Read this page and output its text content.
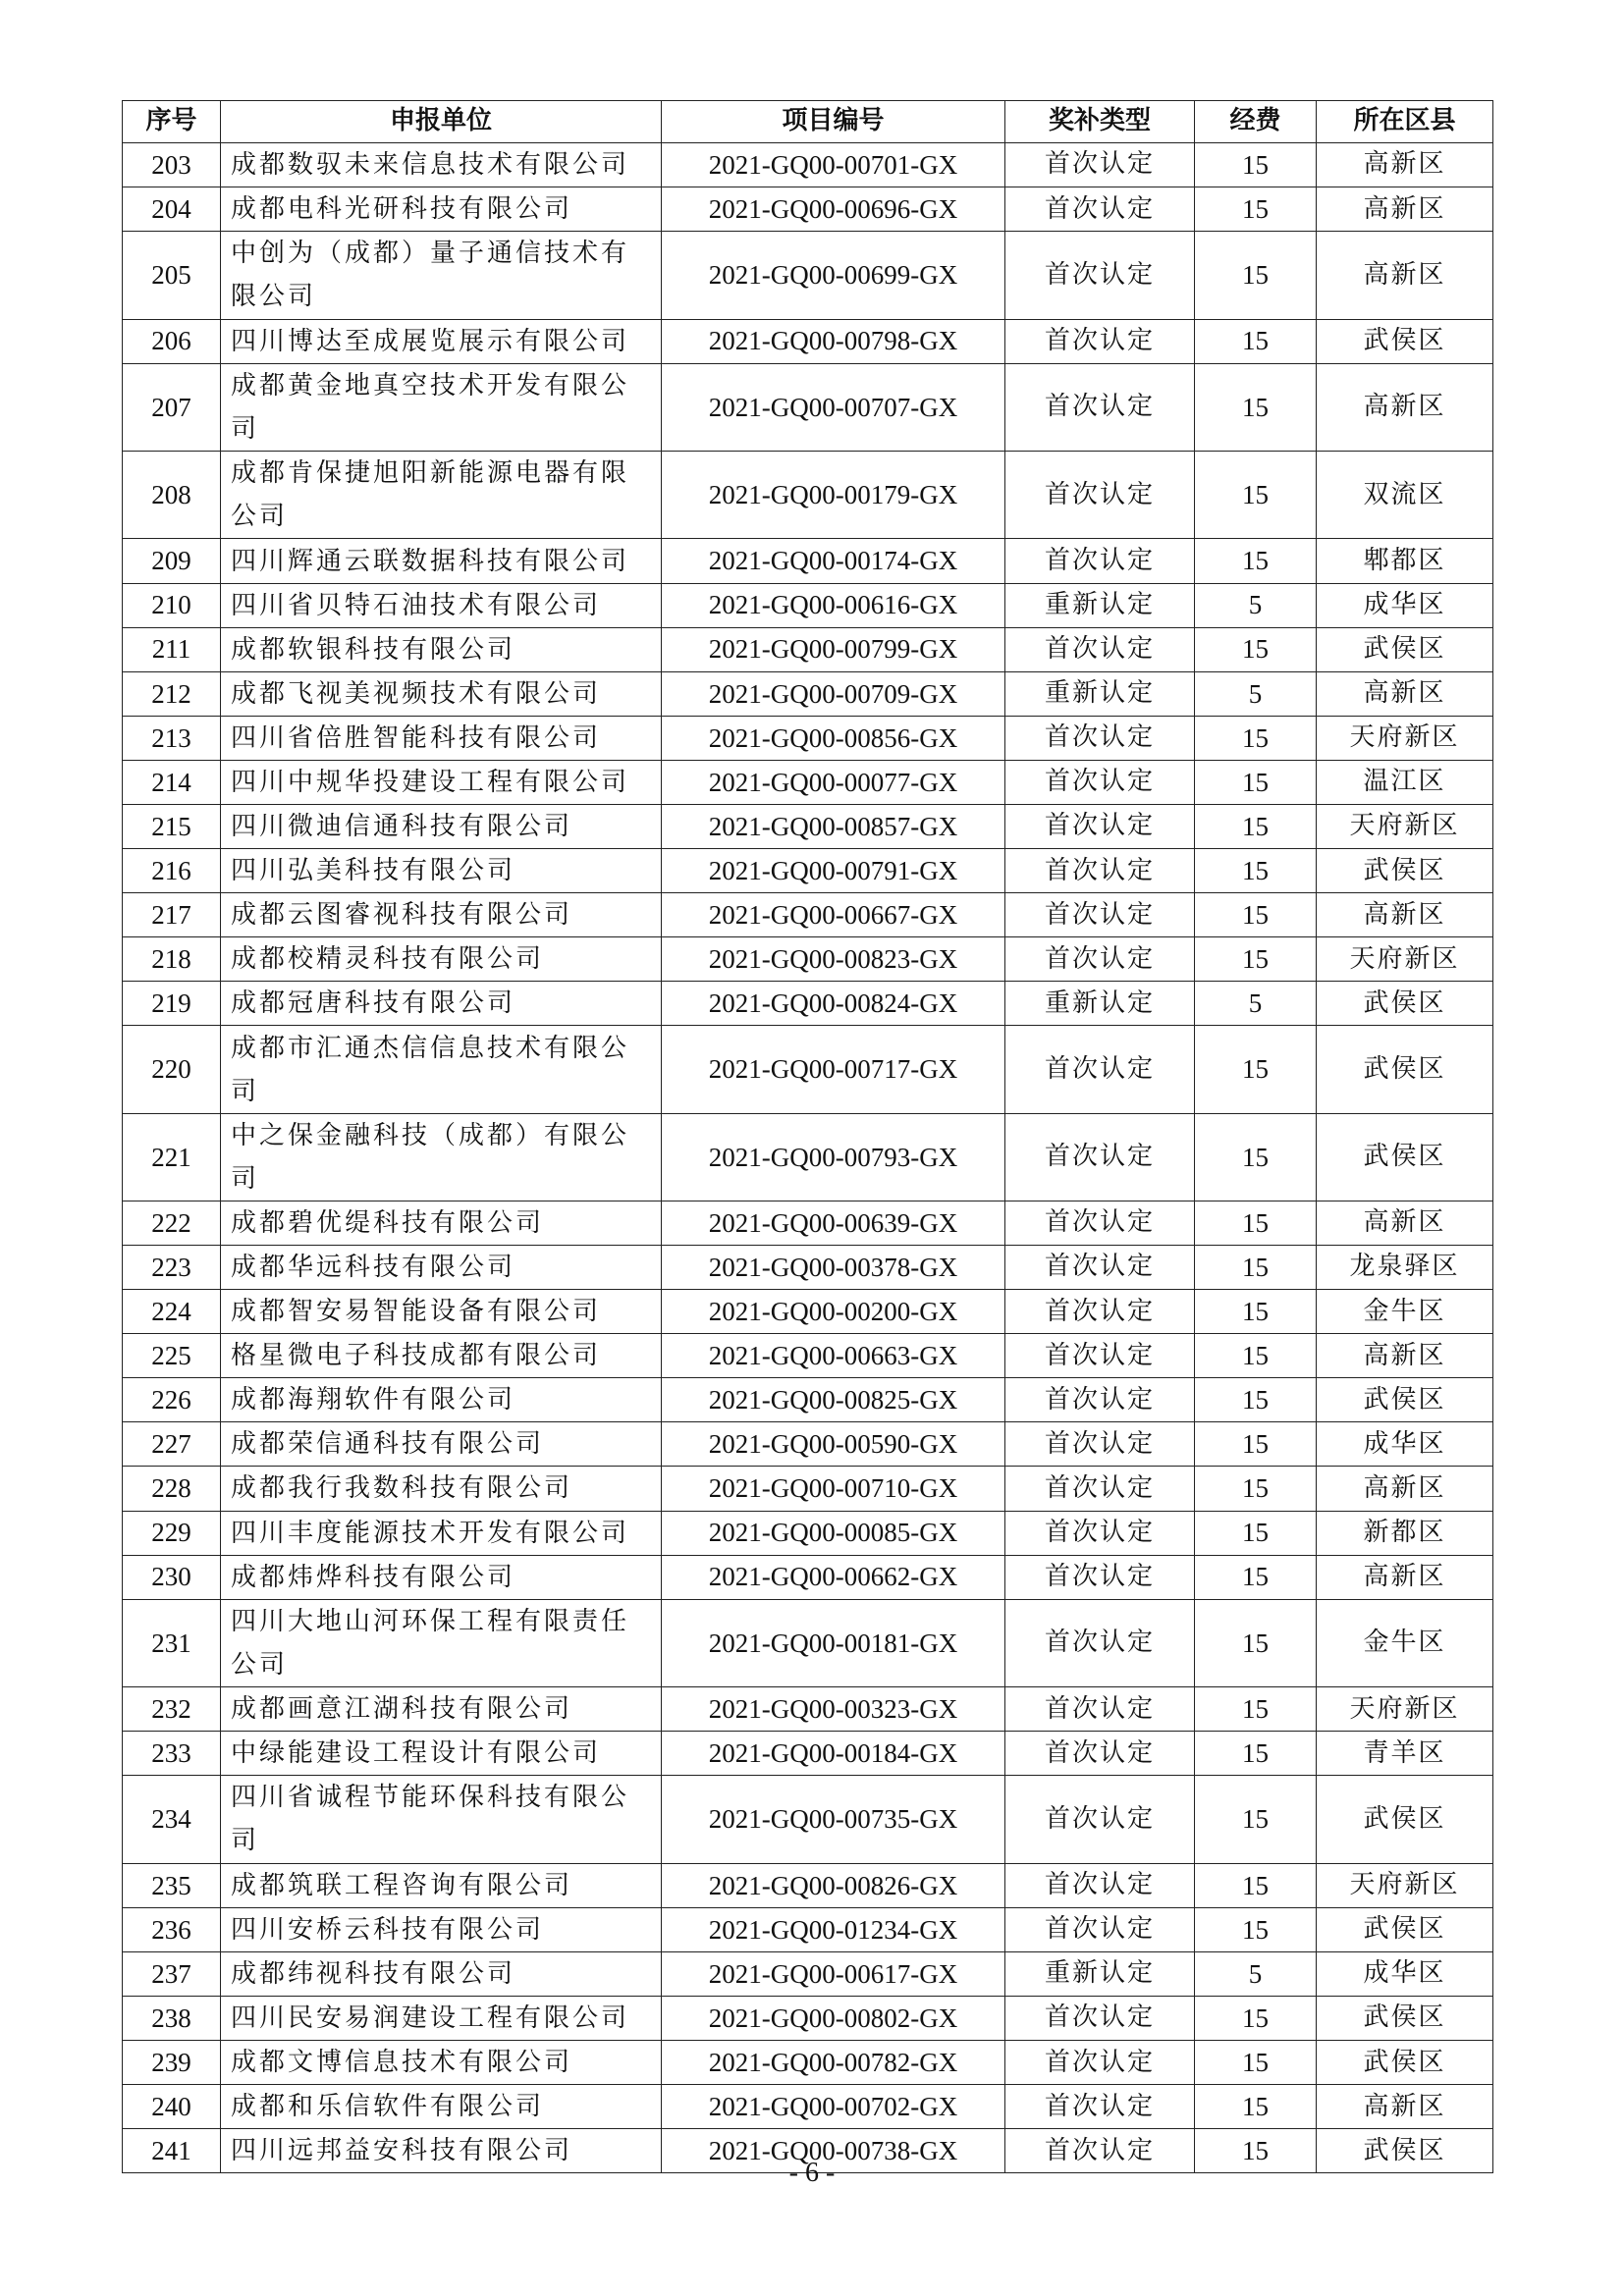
序号	申报单位	项目编号	奖补类型	经费	所在区县
203	成都数驭未来信息技术有限公司	2021-GQ00-00701-GX	首次认定	15	高新区
204	成都电科光研科技有限公司	2021-GQ00-00696-GX	首次认定	15	高新区
205	中创为（成都）量子通信技术有限公司	2021-GQ00-00699-GX	首次认定	15	高新区
206	四川博达至成展览展示有限公司	2021-GQ00-00798-GX	首次认定	15	武侯区
207	成都黄金地真空技术开发有限公司	2021-GQ00-00707-GX	首次认定	15	高新区
208	成都肯保捷旭阳新能源电器有限公司	2021-GQ00-00179-GX	首次认定	15	双流区
209	四川辉通云联数据科技有限公司	2021-GQ00-00174-GX	首次认定	15	郫都区
210	四川省贝特石油技术有限公司	2021-GQ00-00616-GX	重新认定	5	成华区
211	成都软银科技有限公司	2021-GQ00-00799-GX	首次认定	15	武侯区
212	成都飞视美视频技术有限公司	2021-GQ00-00709-GX	重新认定	5	高新区
213	四川省倍胜智能科技有限公司	2021-GQ00-00856-GX	首次认定	15	天府新区
214	四川中规华投建设工程有限公司	2021-GQ00-00077-GX	首次认定	15	温江区
215	四川微迪信通科技有限公司	2021-GQ00-00857-GX	首次认定	15	天府新区
216	四川弘美科技有限公司	2021-GQ00-00791-GX	首次认定	15	武侯区
217	成都云图睿视科技有限公司	2021-GQ00-00667-GX	首次认定	15	高新区
218	成都校精灵科技有限公司	2021-GQ00-00823-GX	首次认定	15	天府新区
219	成都冠唐科技有限公司	2021-GQ00-00824-GX	重新认定	5	武侯区
220	成都市汇通杰信信息技术有限公司	2021-GQ00-00717-GX	首次认定	15	武侯区
221	中之保金融科技（成都）有限公司	2021-GQ00-00793-GX	首次认定	15	武侯区
222	成都碧优缇科技有限公司	2021-GQ00-00639-GX	首次认定	15	高新区
223	成都华远科技有限公司	2021-GQ00-00378-GX	首次认定	15	龙泉驿区
224	成都智安易智能设备有限公司	2021-GQ00-00200-GX	首次认定	15	金牛区
225	格星微电子科技成都有限公司	2021-GQ00-00663-GX	首次认定	15	高新区
226	成都海翔软件有限公司	2021-GQ00-00825-GX	首次认定	15	武侯区
227	成都荣信通科技有限公司	2021-GQ00-00590-GX	首次认定	15	成华区
228	成都我行我数科技有限公司	2021-GQ00-00710-GX	首次认定	15	高新区
229	四川丰度能源技术开发有限公司	2021-GQ00-00085-GX	首次认定	15	新都区
230	成都炜烨科技有限公司	2021-GQ00-00662-GX	首次认定	15	高新区
231	四川大地山河环保工程有限责任公司	2021-GQ00-00181-GX	首次认定	15	金牛区
232	成都画意江湖科技有限公司	2021-GQ00-00323-GX	首次认定	15	天府新区
233	中绿能建设工程设计有限公司	2021-GQ00-00184-GX	首次认定	15	青羊区
234	四川省诚程节能环保科技有限公司	2021-GQ00-00735-GX	首次认定	15	武侯区
235	成都筑联工程咨询有限公司	2021-GQ00-00826-GX	首次认定	15	天府新区
236	四川安桥云科技有限公司	2021-GQ00-01234-GX	首次认定	15	武侯区
237	成都纬视科技有限公司	2021-GQ00-00617-GX	重新认定	5	成华区
238	四川民安易润建设工程有限公司	2021-GQ00-00802-GX	首次认定	15	武侯区
239	成都文博信息技术有限公司	2021-GQ00-00782-GX	首次认定	15	武侯区
240	成都和乐信软件有限公司	2021-GQ00-00702-GX	首次认定	15	高新区
241	四川远邦益安科技有限公司	2021-GQ00-00738-GX	首次认定	15	武侯区
- 6 -
